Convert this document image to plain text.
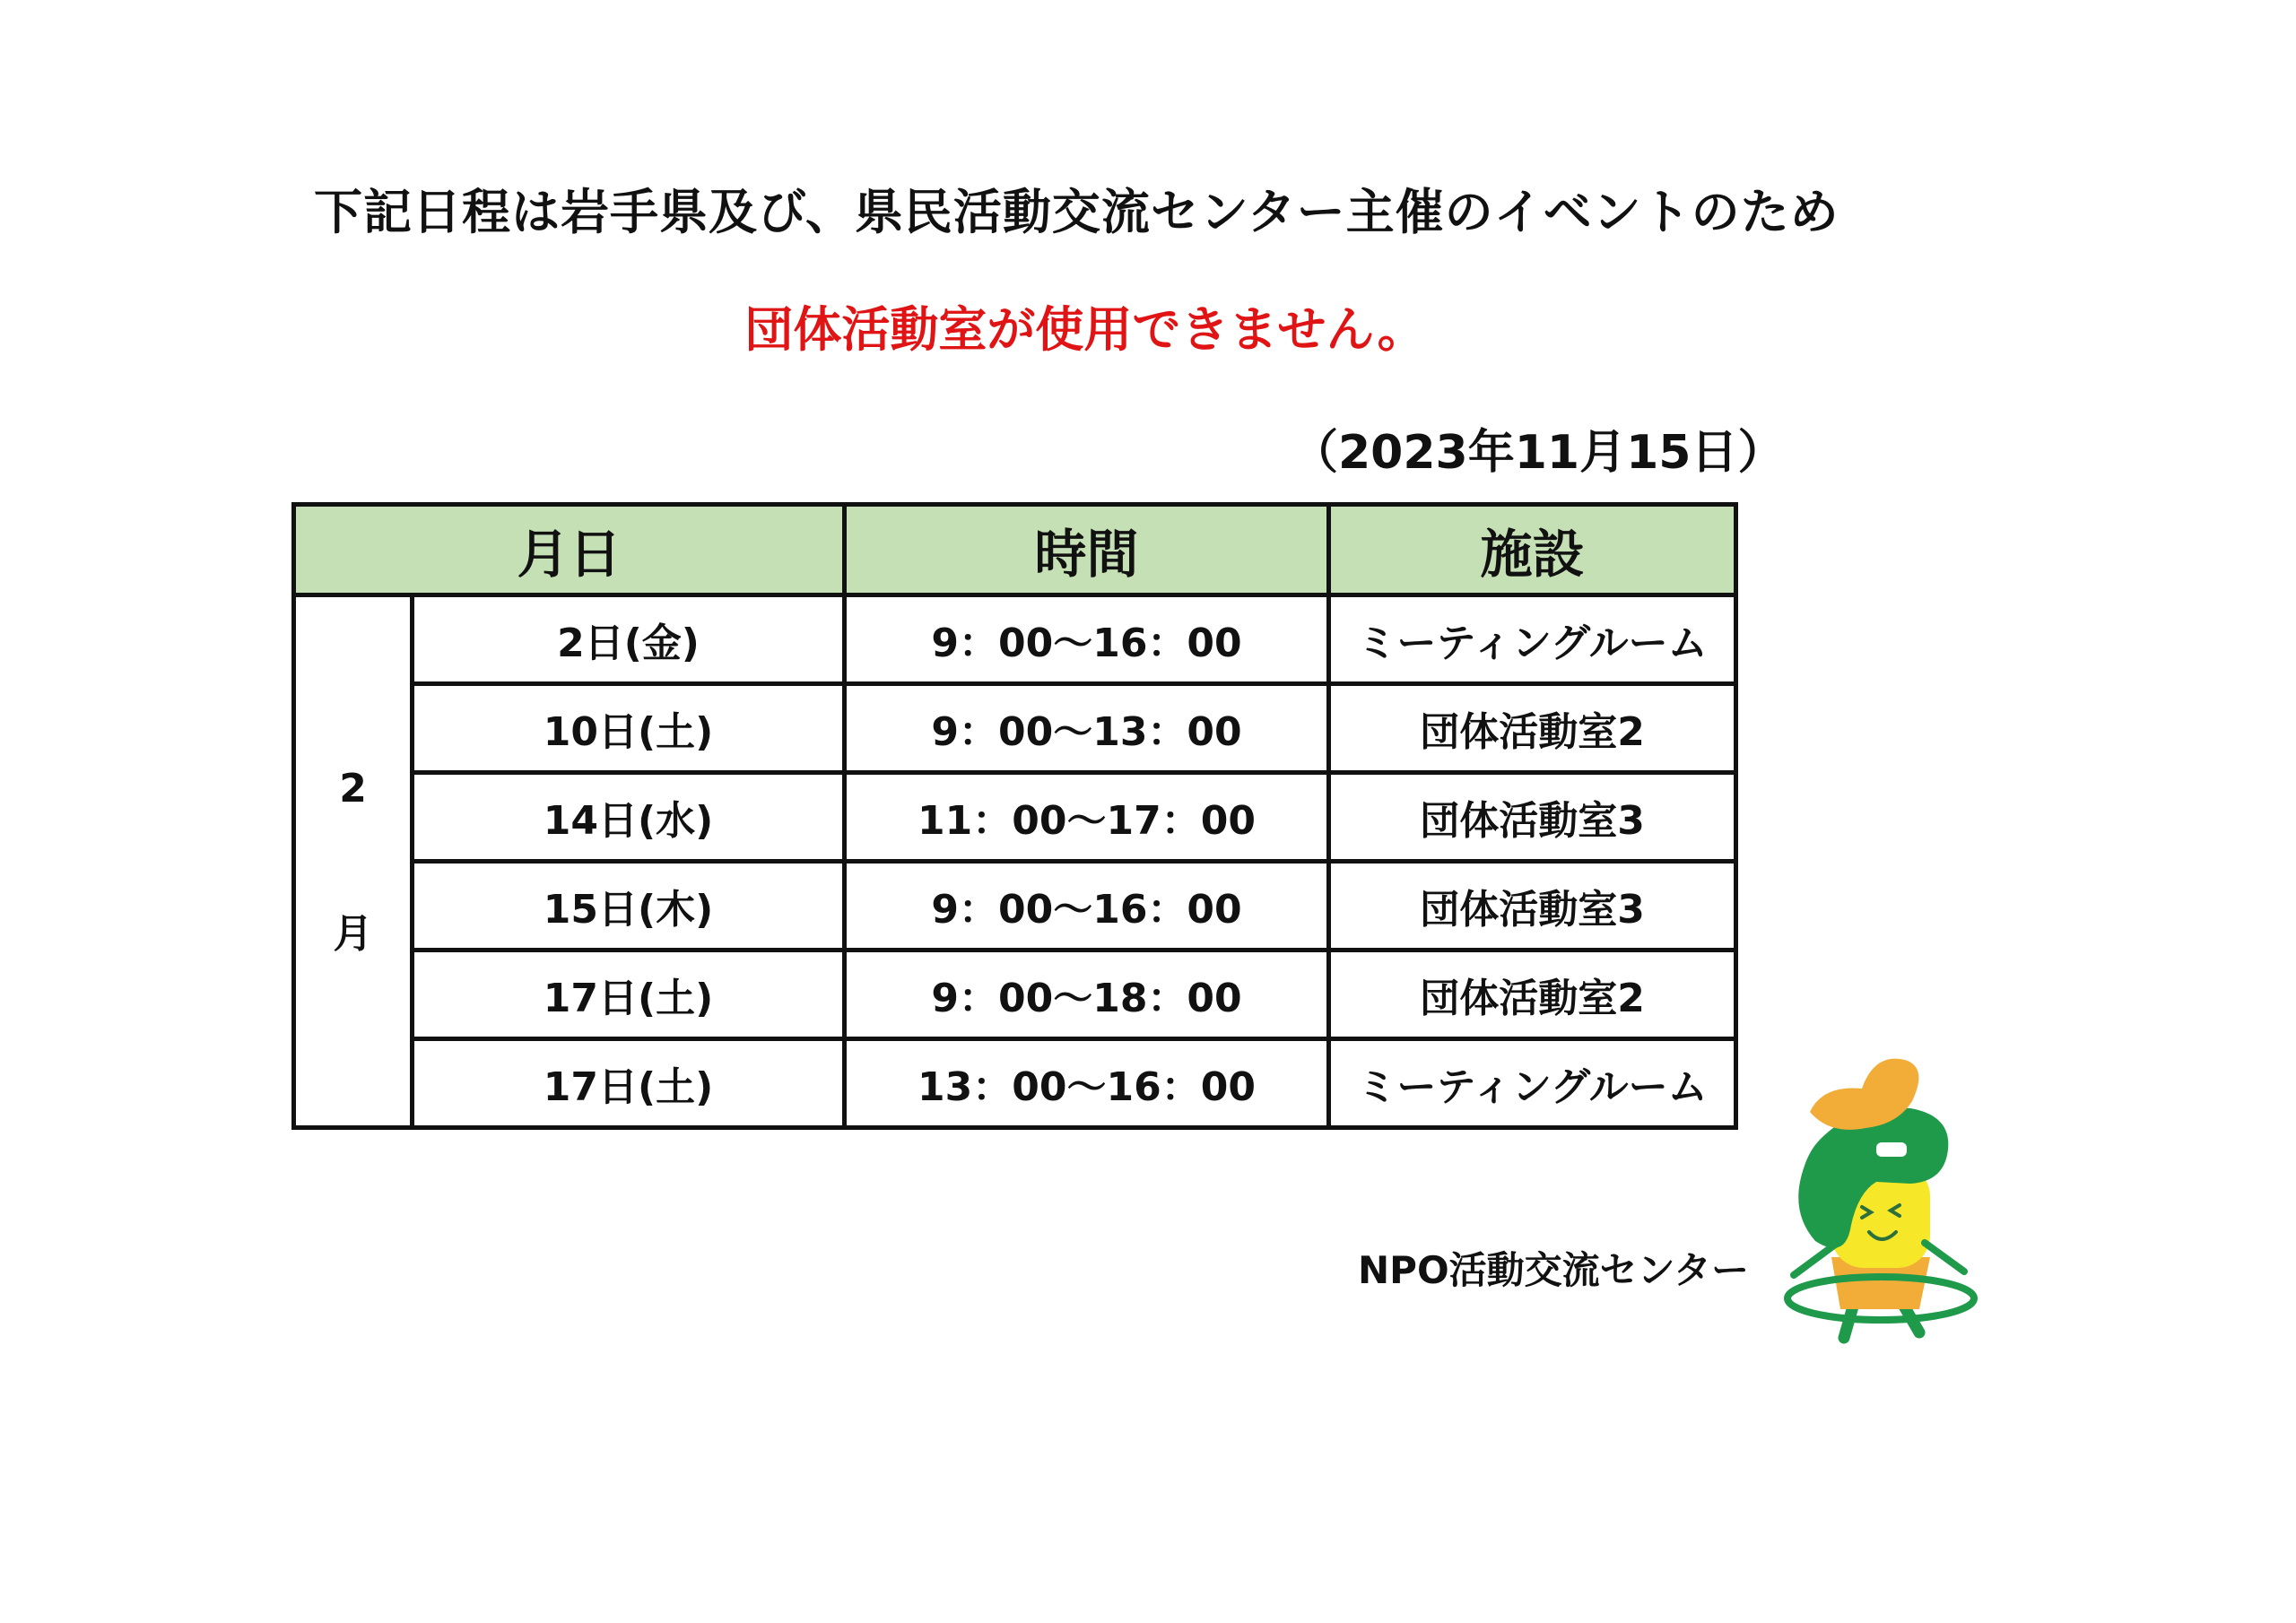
下記日程は岩手県及び、県民活動交流センター主催のイベントのため
団体活動室が使用できません。
（2023年11月15日）
月日		時間	施設

2
月	2日(金)	9：00～16：00	ミーティングルーム
	10日(土)	9：00～13：00	団体活動室2
	14日(水)	11：00～17：00	団体活動室3
	15日(木)	9：00～16：00	団体活動室3
	17日(土)	9：00～18：00	団体活動室2
	17日(土)	13：00～16：00	ミーティングルーム
NPO活動交流センター
